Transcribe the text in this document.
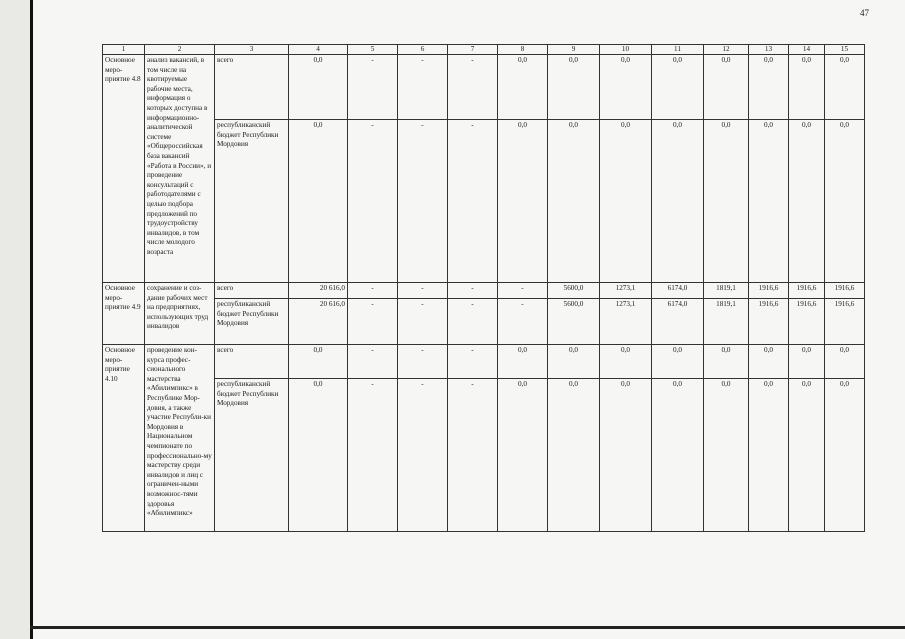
47
1	2	3	4	5	6	7	8	9	10	11	12	13	14	15
Основное меро-приятие 4.8	анализ вакансий, в том числе на квотируемые рабочие места, информация о которых доступна в информационно-аналитической системе «Общероссийская база вакансий «Работа в России», и проведение консультаций с работодателями с целью подбора предложений по трудоустройству инвалидов, в том числе молодого возраста	всего	0,0	-	-	-	0,0	0,0	0,0	0,0	0,0	0,0	0,0	0,0
		республиканский бюджет Республики Мордовия	0,0	-	-	-	0,0	0,0	0,0	0,0	0,0	0,0	0,0	0,0
Основное меро-приятие 4.9	сохранение и соз-дание рабочих мест на предприятиях, использующих труд инвалидов	всего	20 616,0	-	-	-	-	5600,0	1273,1	6174,0	1819,1	1916,6	1916,6	1916,6
		республиканский бюджет Республики Мордовия	20 616,0	-	-	-	-	5600,0	1273,1	6174,0	1819,1	1916,6	1916,6	1916,6
Основное меро-приятие 4.10	проведение кон-курса профес-сионального мастерства «Абилимпикс» в Республике Мор-довия, а также участие Республи-ки Мордовия в Национальном чемпионате по профессионально-му мастерству среди инвалидов и лиц с ограничен-ными возможнос-тями здоровья «Абилимпикс»	всего	0,0	-	-	-	0,0	0,0	0,0	0,0	0,0	0,0	0,0	0,0
		республиканский бюджет Республики Мордовия	0,0	-	-	-	0,0	0,0	0,0	0,0	0,0	0,0	0,0	0,0
